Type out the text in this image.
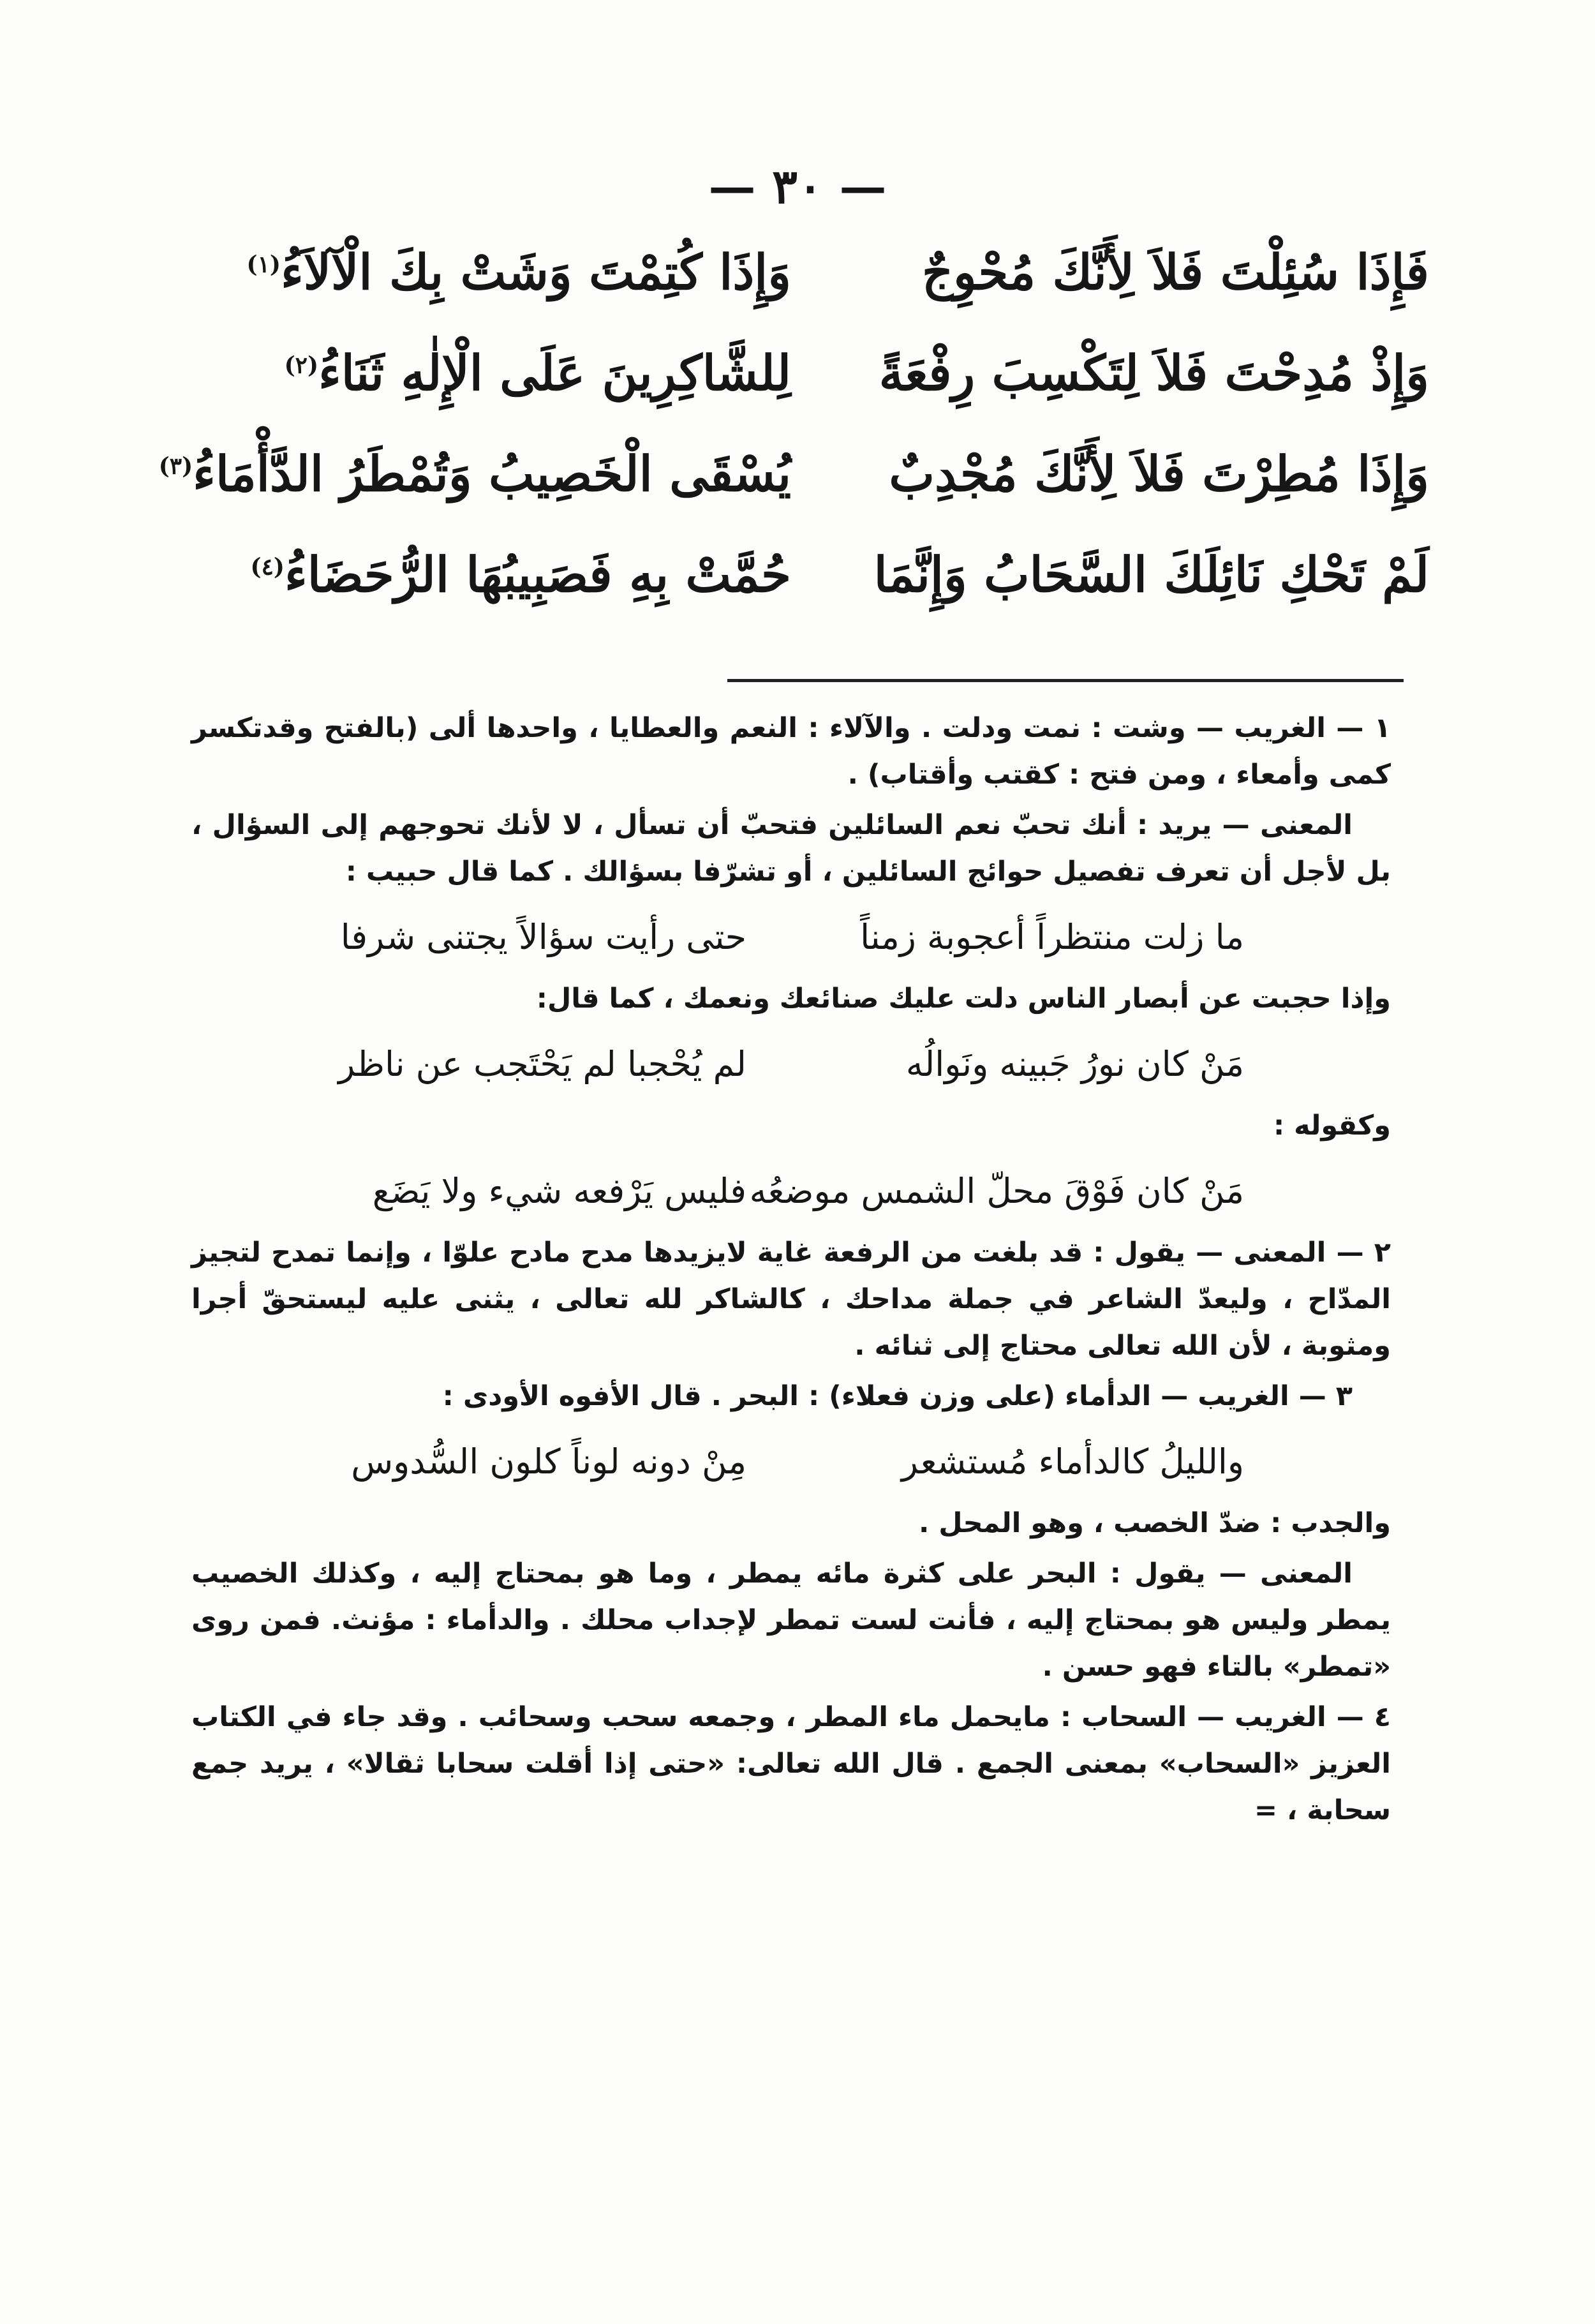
— ٣٠ —
فَإِذَا سُئِلْتَ فَلاَ لِأَنَّكَ مُحْوِجٌ
وَإِذَا كُتِمْتَ وَشَتْ بِكَ الْآلاَءُ$^{(١)}$
وَإِذْ مُدِحْتَ فَلاَ لِتَكْسِبَ رِفْعَةً
لِلشَّاكِرِينَ عَلَى الْإِلٰهِ ثَنَاءُ$^{(٢)}$
وَإِذَا مُطِرْتَ فَلاَ لِأَنَّكَ مُجْدِبٌ
يُسْقَى الْخَصِيبُ وَتُمْطَرُ الدَّأْمَاءُ$^{(٣)}$
لَمْ تَحْكِ نَائِلَكَ السَّحَابُ وَإِنَّمَا
حُمَّتْ بِهِ فَصَبِيبُهَا الرُّحَضَاءُ$^{(٤)}$

١ — الغريب — وشت : نمت ودلت . والآلاء : النعم والعطايا ، واحدها ألى (بالفتح وقدتكسر كمى وأمعاء ، ومن فتح : كقتب وأقتاب) .

المعنى — يريد : أنك تحبّ نعم السائلين فتحبّ أن تسأل ، لا لأنك تحوجهم إلى السؤال ، بل لأجل أن تعرف تفصيل حوائج السائلين ، أو تشرّفا بسؤالك . كما قال حبيب :

ما زلت منتظراً أعجوبة زمناً
حتى رأيت سؤالاً يجتنى شرفا

وإذا حجبت عن أبصار الناس دلت عليك صنائعك ونعمك ، كما قال:

مَنْ كان نورُ جَبينه ونَوالُه
لم يُحْجبا لم يَحْتَجب عن ناظر

وكقوله :

مَنْ كان فَوْقَ محلّ الشمس موضعُه
فليس يَرْفعه شيء ولا يَضَع

٢ — المعنى — يقول : قد بلغت من الرفعة غاية لايزيدها مدح مادح علوّا ، وإنما تمدح لتجيز المدّاح ، وليعدّ الشاعر في جملة مداحك ، كالشاكر لله تعالى ، يثنى عليه ليستحقّ أجرا ومثوبة ، لأن الله تعالى محتاج إلى ثنائه .

٣ — الغريب — الدأماء (على وزن فعلاء) : البحر . قال الأفوه الأودى :

والليلُ كالدأماء مُستشعر
مِنْ دونه لوناً كلون السُّدوس

والجدب : ضدّ الخصب ، وهو المحل .

المعنى — يقول : البحر على كثرة مائه يمطر ، وما هو بمحتاج إليه ، وكذلك الخصيب يمطر وليس هو بمحتاج إليه ، فأنت لست تمطر لإجداب محلك . والدأماء : مؤنث. فمن روى «تمطر» بالتاء فهو حسن .

٤ — الغريب — السحاب : مايحمل ماء المطر ، وجمعه سحب وسحائب . وقد جاء في الكتاب العزيز «السحاب» بمعنى الجمع . قال الله تعالى: «حتى إذا أقلت سحابا ثقالا» ، يريد جمع سحابة ، =
